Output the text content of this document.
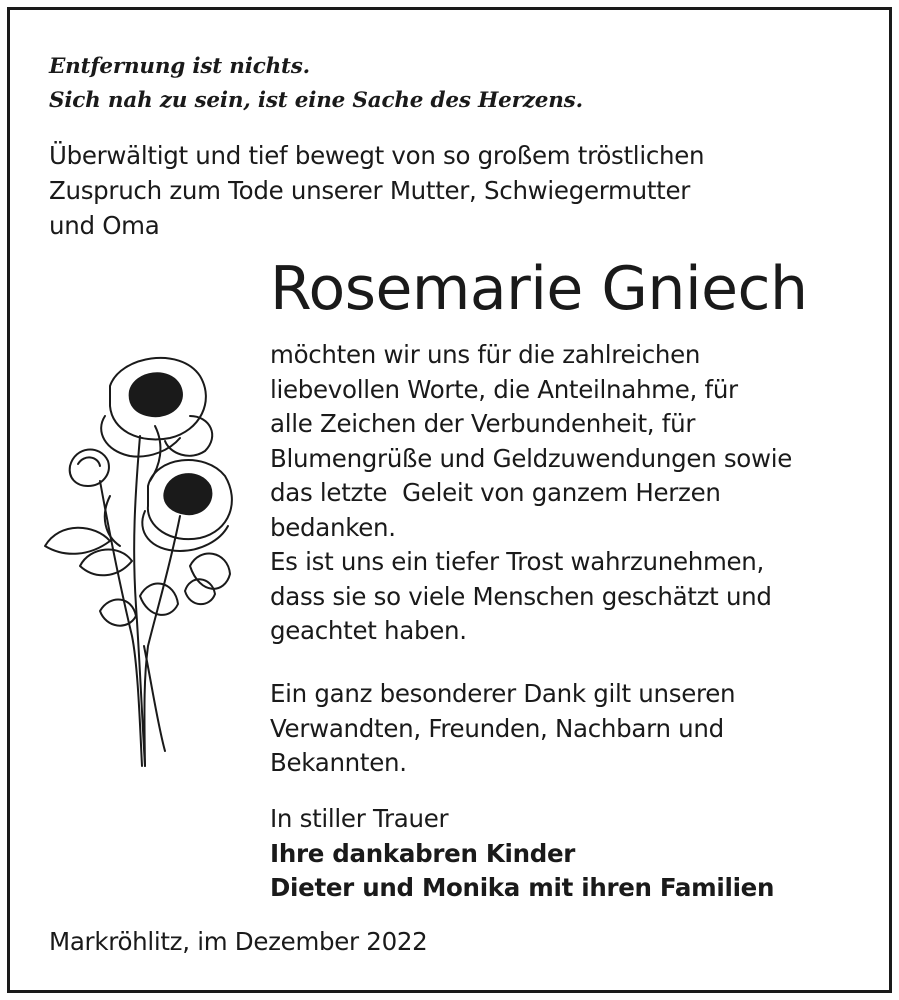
Entfernung ist nichts.
Sich nah zu sein, ist eine Sache des Herzens.
Überwältigt und tief bewegt von so großem tröstlichen
Zuspruch zum Tode unserer Mutter, Schwiegermutter
und Oma
Rosemarie Gniech
möchten wir uns für die zahlreichen
liebevollen Worte, die Anteilnahme, für
alle Zeichen der Verbundenheit, für
Blumengrüße und Geldzuwendungen sowie
das letzte  Geleit von ganzem Herzen
bedanken.
Es ist uns ein tiefer Trost wahrzunehmen,
dass sie so viele Menschen geschätzt und
geachtet haben.
Ein ganz besonderer Dank gilt unseren
Verwandten, Freunden, Nachbarn und
Bekannten.
In stiller Trauer
Ihre dankabren Kinder
Dieter und Monika mit ihren Familien
Markröhlitz, im Dezember 2022
